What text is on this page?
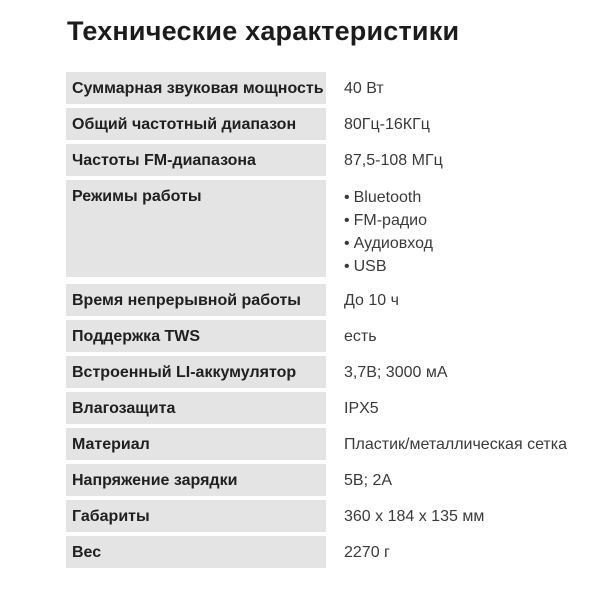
Технические характеристики
Суммарная звуковая мощность	40 Вт
Общий частотный диапазон	80Гц-16КГц
Частоты FM-диапазона	87,5-108 МГц
Режимы работы
•	Bluetooth
• FM-радио
• Аудиовход
• USB
Время непрерывной работы	До 10 ч
Поддержка TWS	есть
Встроенный LI-аккумулятор	3,7В; 3000 мА
Влагозащита	IPX5
Материал	Пластик/металлическая сетка
Напряжение зарядки	5В; 2А
Габариты	360 х 184 х 135 мм
Вес	2270 г
